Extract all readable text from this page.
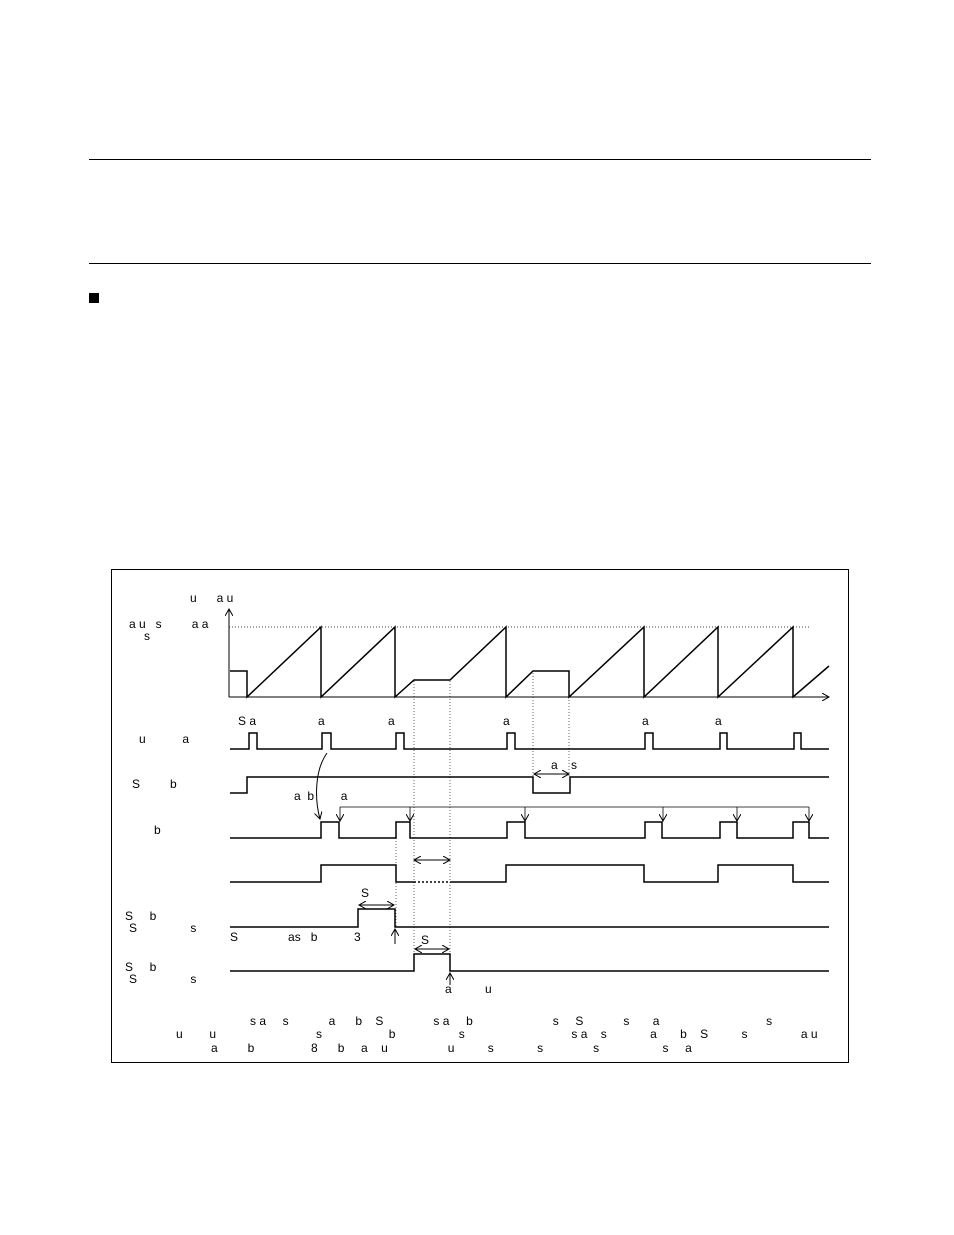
u      a u
a u   s         a a
s
S a	a	a	a	a	a
u           a
S         b
a    s
a  b        a
b
S
S     b
S                s
S               as   b           3	S
S     b
S                s
a          u
s a     s            a      b    S               s a     b                        s     S            s       a                                s
u        u                              s                    b                   s                                s a    s             a       b    S          s                a u
a         b                 8      b     a    u                  u          s             s               s                   s     a
